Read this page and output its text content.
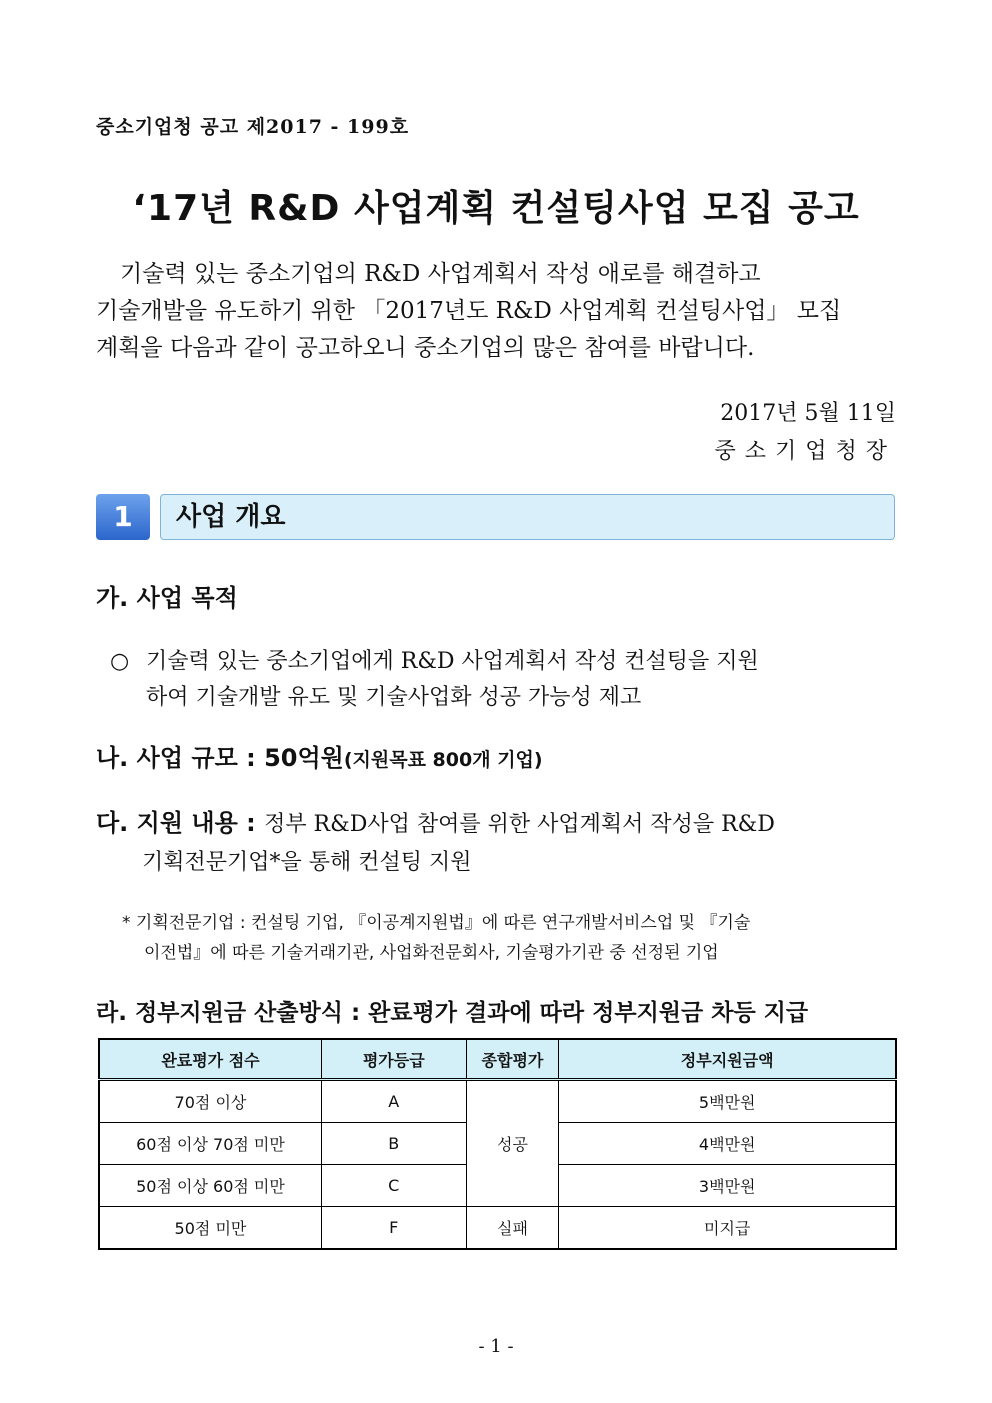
중소기업청 공고 제2017 - 199호
‘17년 R&D 사업계획 컨설팅사업 모집 공고
기술력 있는 중소기업의 R&D 사업계획서 작성 애로를 해결하고
기술개발을 유도하기 위한 「2017년도 R&D 사업계획 컨설팅사업」 모집
계획을 다음과 같이 공고하오니 중소기업의 많은 참여를 바랍니다.
2017년 5월 11일
중소기업청장
1	사업 개요
가. 사업 목적
○ 기술력 있는 중소기업에게 R&D 사업계획서 작성 컨설팅을 지원
하여 기술개발 유도 및 기술사업화 성공 가능성 제고
나. 사업 규모 : 50억원(지원목표 800개 기업)
다. 지원 내용 : 정부 R&D사업 참여를 위한 사업계획서 작성을 R&D
기획전문기업*을 통해 컨설팅 지원
* 기획전문기업 : 컨설팅 기업, 『이공계지원법』에 따른 연구개발서비스업 및 『기술
이전법』에 따른 기술거래기관, 사업화전문회사, 기술평가기관 중 선정된 기업
라. 정부지원금 산출방식 : 완료평가 결과에 따라 정부지원금 차등 지급
완료평가 점수	평가등급	종합평가	정부지원금액
70점 이상	A	성공	5백만원
60점 이상 70점 미만	B		4백만원
50점 이상 60점 미만	C		3백만원
50점 미만	F	실패	미지급
- 1 -
